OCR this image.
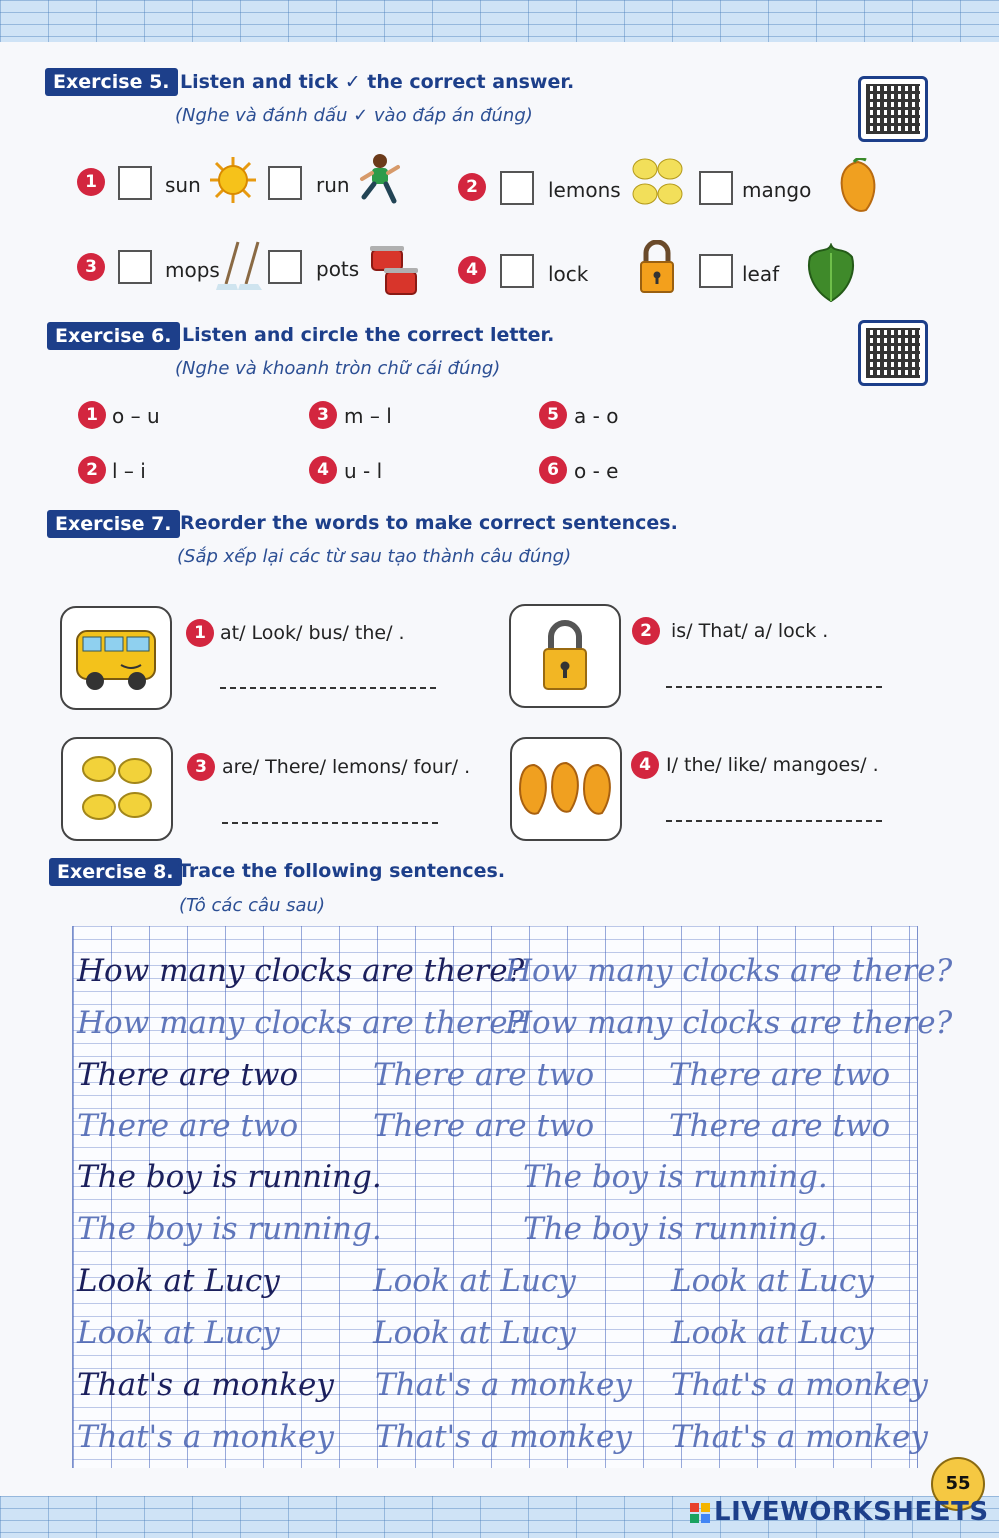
Exercise 5. Listen and tick ✓ the correct answer.
(Nghe và đánh dấu ✓ vào đáp án đúng)
1	sun	run	2	lemons	mango
3	mops	pots	4	lock	leaf
Exercise 6. Listen and circle the correct letter.
(Nghe và khoanh tròn chữ cái đúng)
1 o – u
2 l – i
3 m – l
4 u - l
5 a - o
6 o - e
Exercise 7. Reorder the words to make correct sentences.
(Sắp xếp lại các từ sau tạo thành câu đúng)
1 at/ Look/ bus/ the/ .	2	is/ That/ a/ lock .
3 are/ There/ lemons/ four/ .	4 I/ the/ like/ mangoes/ .
Exercise 8. Trace the following sentences.
(Tô các câu sau)
How many clocks are there?
How many clocks are there?
How many clocks are there?
How many clocks are there?
There are two There are two There are two
There are two There are two There are two
The boy is running.	The boy is running.
The boy is running.	The boy is running.
Look at Lucy	Look at Lucy	Look at Lucy
Look at Lucy	Look at Lucy	Look at Lucy
That's a monkey That's a monkey That's a monkey
That's a monkey That's a monkey That's a monkey
55
LIVEWORKSHEETS
